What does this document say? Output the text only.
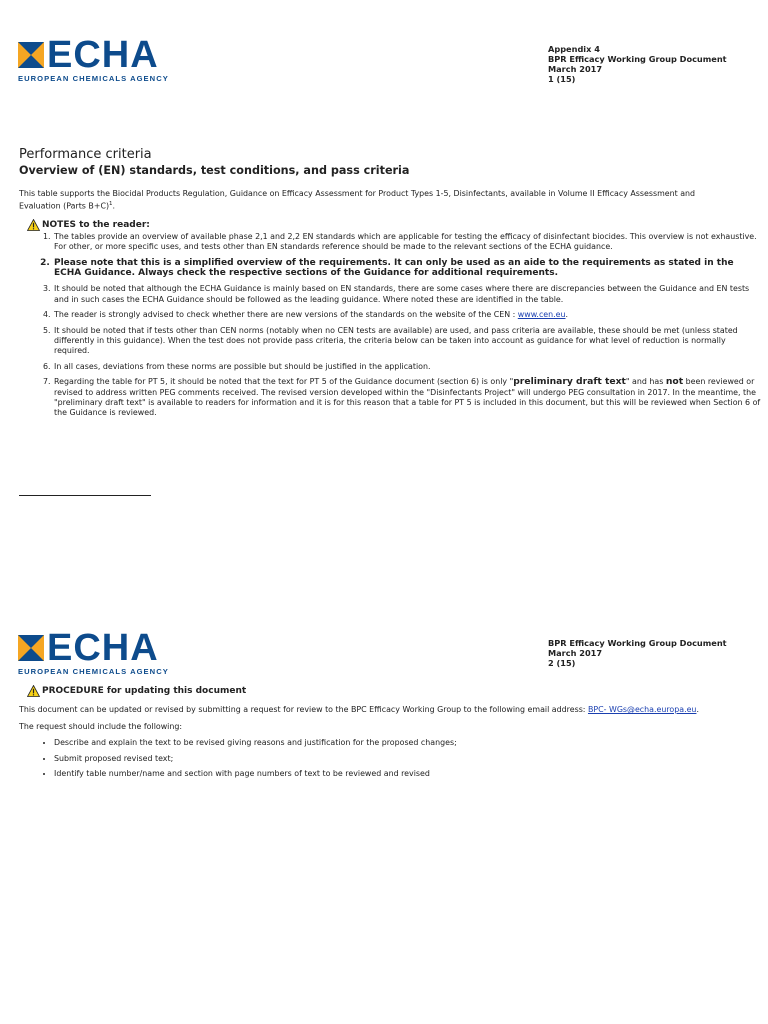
ECHA
EUROPEAN CHEMICALS AGENCY
Appendix 4
BPR Efficacy Working Group Document
March 2017
1 (15)
Performance criteria
Overview of (EN) standards, test conditions, and pass criteria
This table supports the Biocidal Products Regulation, Guidance on Efficacy Assessment for Product Types 1-5, Disinfectants, available in Volume II Efficacy Assessment and Evaluation (Parts B+C)$^1$.
NOTES to the reader:
1. The tables provide an overview of available phase 2,1 and 2,2 EN standards which are applicable for testing the efficacy of disinfectant biocides. This overview is not exhaustive. For other, or more specific uses, and tests other than EN standards reference should be made to the relevant sections of the ECHA guidance.
2. Please note that this is a simplified overview of the requirements. It can only be used as an aide to the requirements as stated in the ECHA Guidance. Always check the respective sections of the Guidance for additional requirements.
3. It should be noted that although the ECHA Guidance is mainly based on EN standards, there are some cases where there are discrepancies between the Guidance and EN tests and in such cases the ECHA Guidance should be followed as the leading guidance. Where noted these are identified in the table.
4. The reader is strongly advised to check whether there are new versions of the standards on the website of the CEN : www.cen.eu.
5. It should be noted that if tests other than CEN norms (notably when no CEN tests are available) are used, and pass criteria are available, these should be met (unless stated differently in this guidance). When the test does not provide pass criteria, the criteria below can be taken into account as guidance for what level of reduction is normally required.
6. In all cases, deviations from these norms are possible but should be justified in the application.
7. Regarding the table for PT 5, it should be noted that the text for PT 5 of the Guidance document (section 6) is only "preliminary draft text" and has not been reviewed or revised to address written PEG comments received. The revised version developed within the "Disinfectants Project" will undergo PEG consultation in 2017. In the meantime, the "preliminary draft text" is available to readers for information and it is for this reason that a table for PT 5 is included in this document, but this will be reviewed when Section 6 of the Guidance is reviewed.
ECHA
EUROPEAN CHEMICALS AGENCY
BPR Efficacy Working Group Document
March 2017
2 (15)
PROCEDURE for updating this document
This document can be updated or revised by submitting a request for review to the BPC Efficacy Working Group to the following email address: BPC- WGs@echa.europa.eu.
The request should include the following:
• Describe and explain the text to be revised giving reasons and justification for the proposed changes;
• Submit proposed revised text;
• Identify table number/name and section with page numbers of text to be reviewed and revised
